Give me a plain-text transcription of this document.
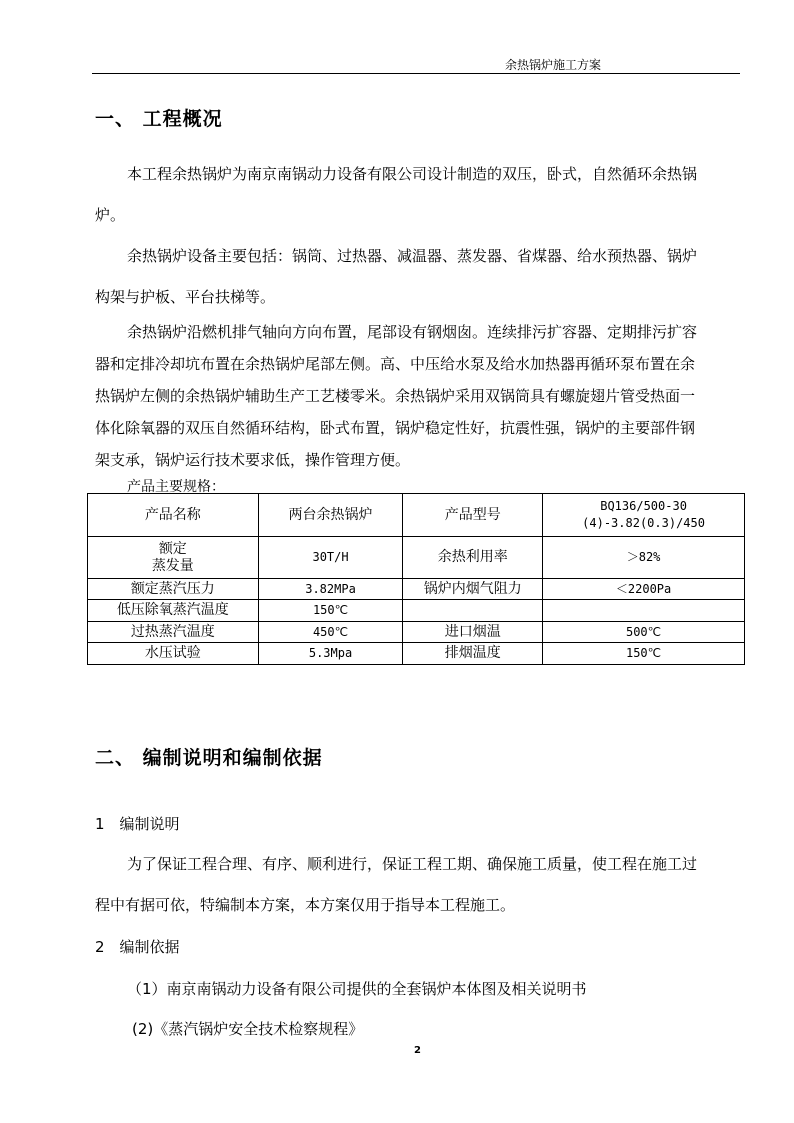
余热锅炉施工方案
一、 工程概况
本工程余热锅炉为南京南锅动力设备有限公司设计制造的双压，卧式，自然循环余热锅
炉。
余热锅炉设备主要包括：锅筒、过热器、减温器、蒸发器、省煤器、给水预热器、锅炉
构架与护板、平台扶梯等。
余热锅炉沿燃机排气轴向方向布置，尾部设有钢烟囱。连续排污扩容器、定期排污扩容
器和定排冷却坑布置在余热锅炉尾部左侧。高、中压给水泵及给水加热器再循环泵布置在余
热锅炉左侧的余热锅炉辅助生产工艺楼零米。余热锅炉采用双锅筒具有螺旋翅片管受热面一
体化除氧器的双压自然循环结构，卧式布置，锅炉稳定性好，抗震性强，锅炉的主要部件钢
架支承，锅炉运行技术要求低，操作管理方便。
产品主要规格：
产品名称	两台余热锅炉	产品型号	BQ136/500-30
(4)-3.82(0.3)/450

额定
蒸发量	30T/H	余热利用率	＞82%
额定蒸汽压力	3.82MPa	锅炉内烟气阻力	＜2200Pa
低压除氧蒸汽温度	150℃		
过热蒸汽温度	450℃	进口烟温	500℃
水压试验	5.3Mpa	排烟温度	150℃
二、 编制说明和编制依据
1　编制说明
为了保证工程合理、有序、顺利进行，保证工程工期、确保施工质量，使工程在施工过
程中有据可依，特编制本方案，本方案仅用于指导本工程施工。
2　编制依据
（1）南京南锅动力设备有限公司提供的全套锅炉本体图及相关说明书
(2)《蒸汽锅炉安全技术检察规程》
2
